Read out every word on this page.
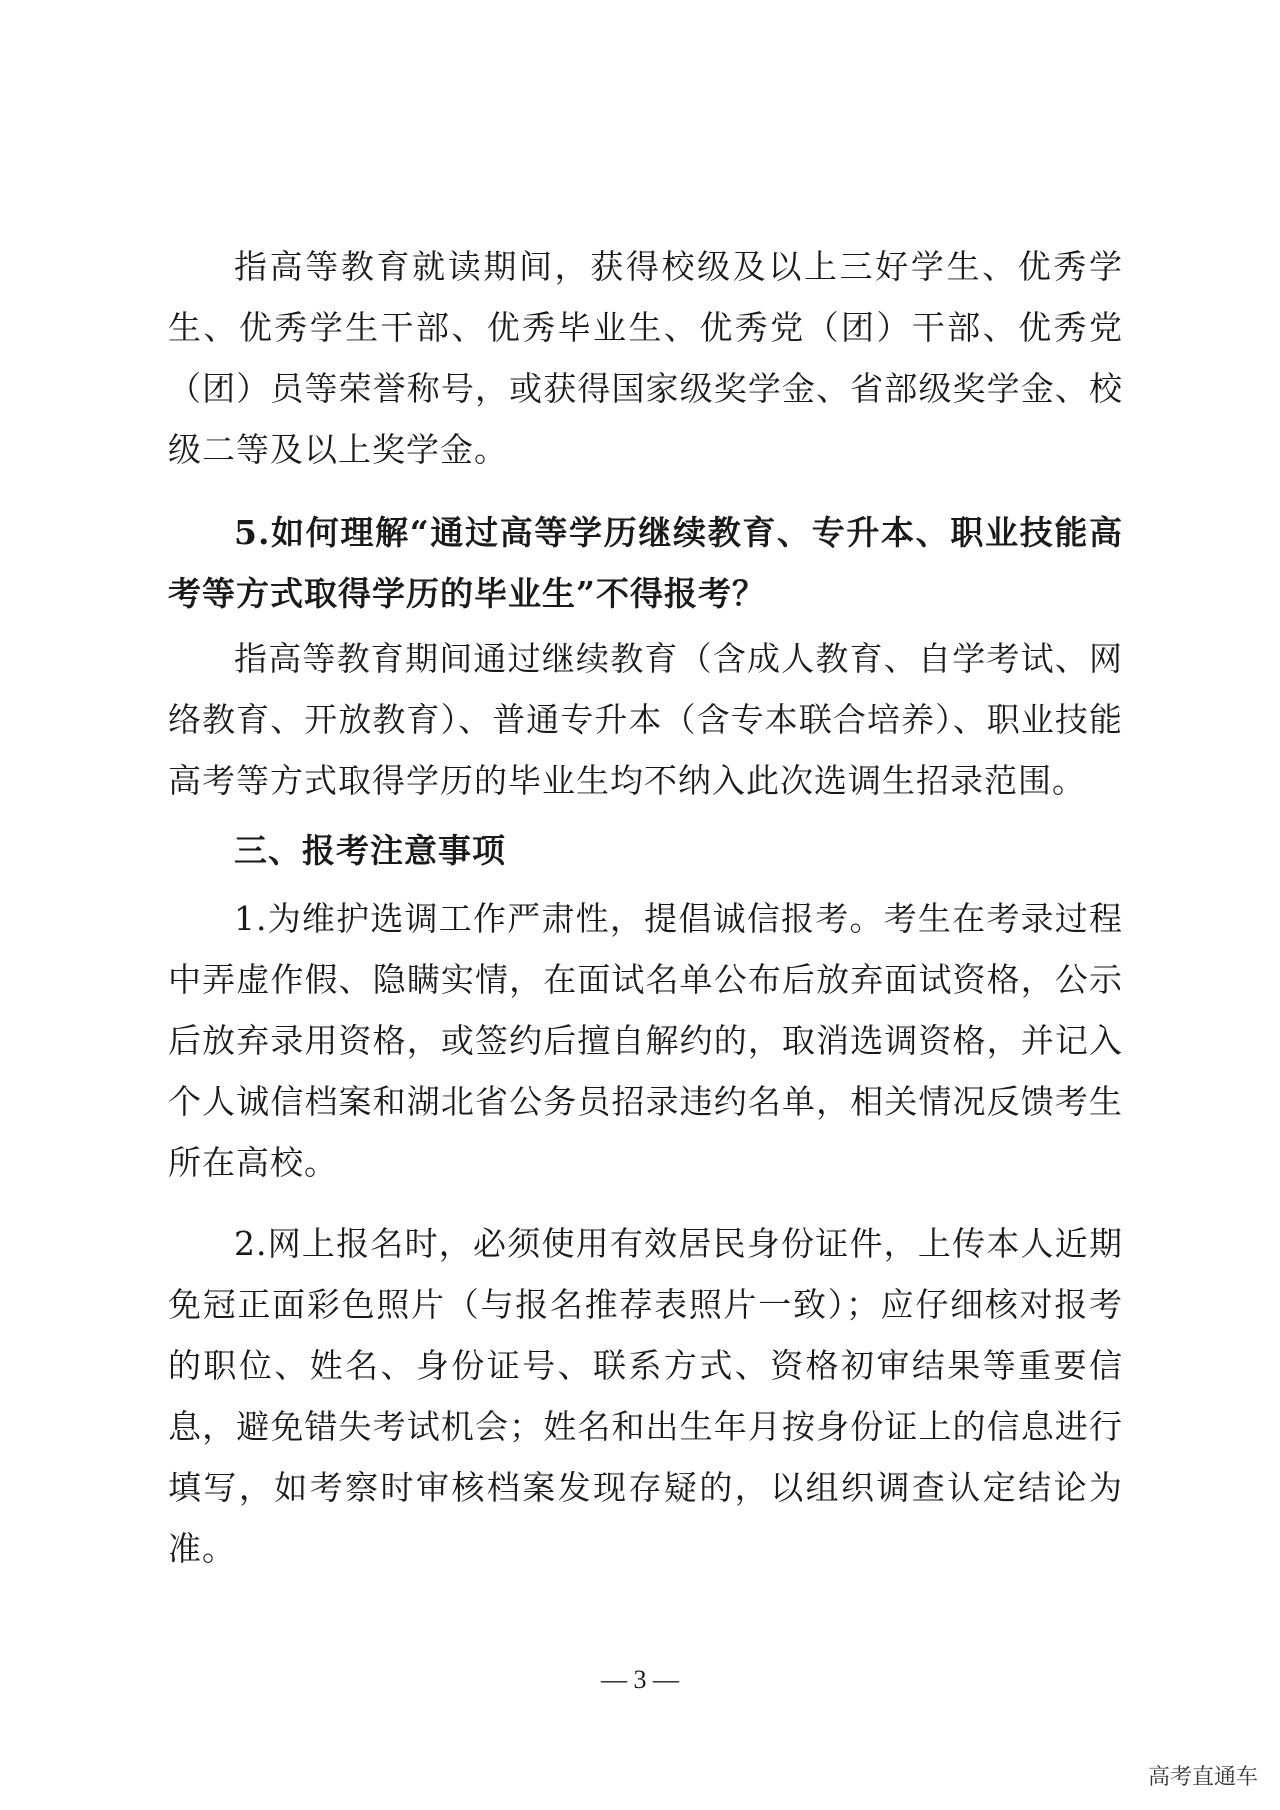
指高等教育就读期间，获得校级及以上三好学生、优秀学生、优秀学生干部、优秀毕业生、优秀党（团）干部、优秀党（团）员等荣誉称号，或获得国家级奖学金、省部级奖学金、校级二等及以上奖学金。

5.如何理解“通过高等学历继续教育、专升本、职业技能高考等方式取得学历的毕业生”不得报考？

指高等教育期间通过继续教育（含成人教育、自学考试、网络教育、开放教育）、普通专升本（含专本联合培养）、职业技能高考等方式取得学历的毕业生均不纳入此次选调生招录范围。

三、报考注意事项

1.为维护选调工作严肃性，提倡诚信报考。考生在考录过程中弄虚作假、隐瞒实情，在面试名单公布后放弃面试资格，公示后放弃录用资格，或签约后擅自解约的，取消选调资格，并记入个人诚信档案和湖北省公务员招录违约名单，相关情况反馈考生所在高校。

2.网上报名时，必须使用有效居民身份证件，上传本人近期免冠正面彩色照片（与报名推荐表照片一致）；应仔细核对报考的职位、姓名、身份证号、联系方式、资格初审结果等重要信息，避免错失考试机会；姓名和出生年月按身份证上的信息进行填写，如考察时审核档案发现存疑的，以组织调查认定结论为准。

— 3 —
高考直通车
